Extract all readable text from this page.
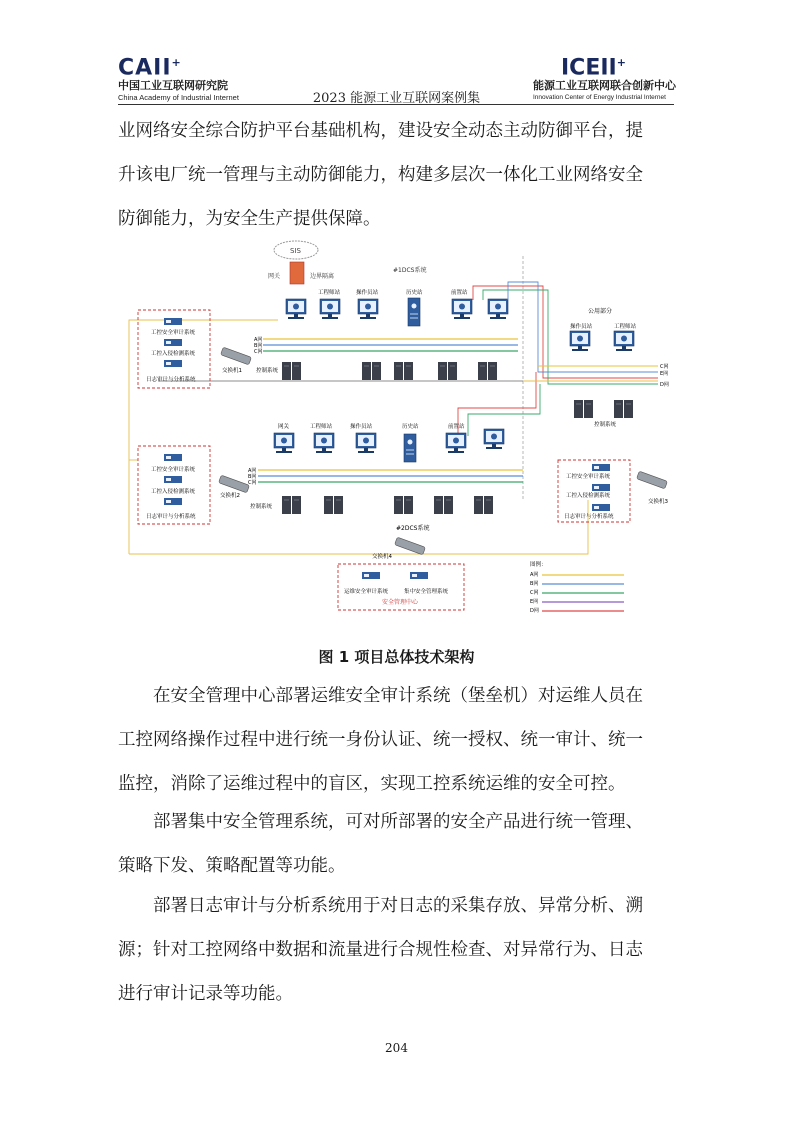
CAII+
中国工业互联网研究院
China Academy of Industrial Internet	2023 能源工业互联网案例集
ICEII+
能源工业互联网联合创新中心
Innovation Center of Energy Industrial Internet

业网络安全综合防护平台基础机构，建设安全动态主动防御平台，提

升该电厂统一管理与主动防御能力，构建多层次一体化工业网络安全

防御能力，为安全生产提供保障。

SIS
网关	边界隔离
#1DCS系统
工程师站	操作员站	历史站	前置站
A网
B网
C网
控制系统
公用部分
操作员站	工程师站
C网
E网
D网
控制系统
网关	工程师站	操作员站	历史站	前置站
A网
B网
C网
控制系统
#2DCS系统
工控安全审计系统
工控入侵检测系统
日志审计与分析系统
交换机1
工控安全审计系统
工控入侵检测系统
日志审计与分析系统
交换机2
工控安全审计系统
工控入侵检测系统
日志审计与分析系统
交换机3
交换机4
运维安全审计系统	集中安全管理系统
安全管理中心
图例：
A网
B网
C网
E网
D网
图 1 项目总体技术架构

在安全管理中心部署运维安全审计系统（堡垒机）对运维人员在

工控网络操作过程中进行统一身份认证、统一授权、统一审计、统一

监控，消除了运维过程中的盲区，实现工控系统运维的安全可控。

部署集中安全管理系统，可对所部署的安全产品进行统一管理、

策略下发、策略配置等功能。

部署日志审计与分析系统用于对日志的采集存放、异常分析、溯

源；针对工控网络中数据和流量进行合规性检查、对异常行为、日志

进行审计记录等功能。

204
